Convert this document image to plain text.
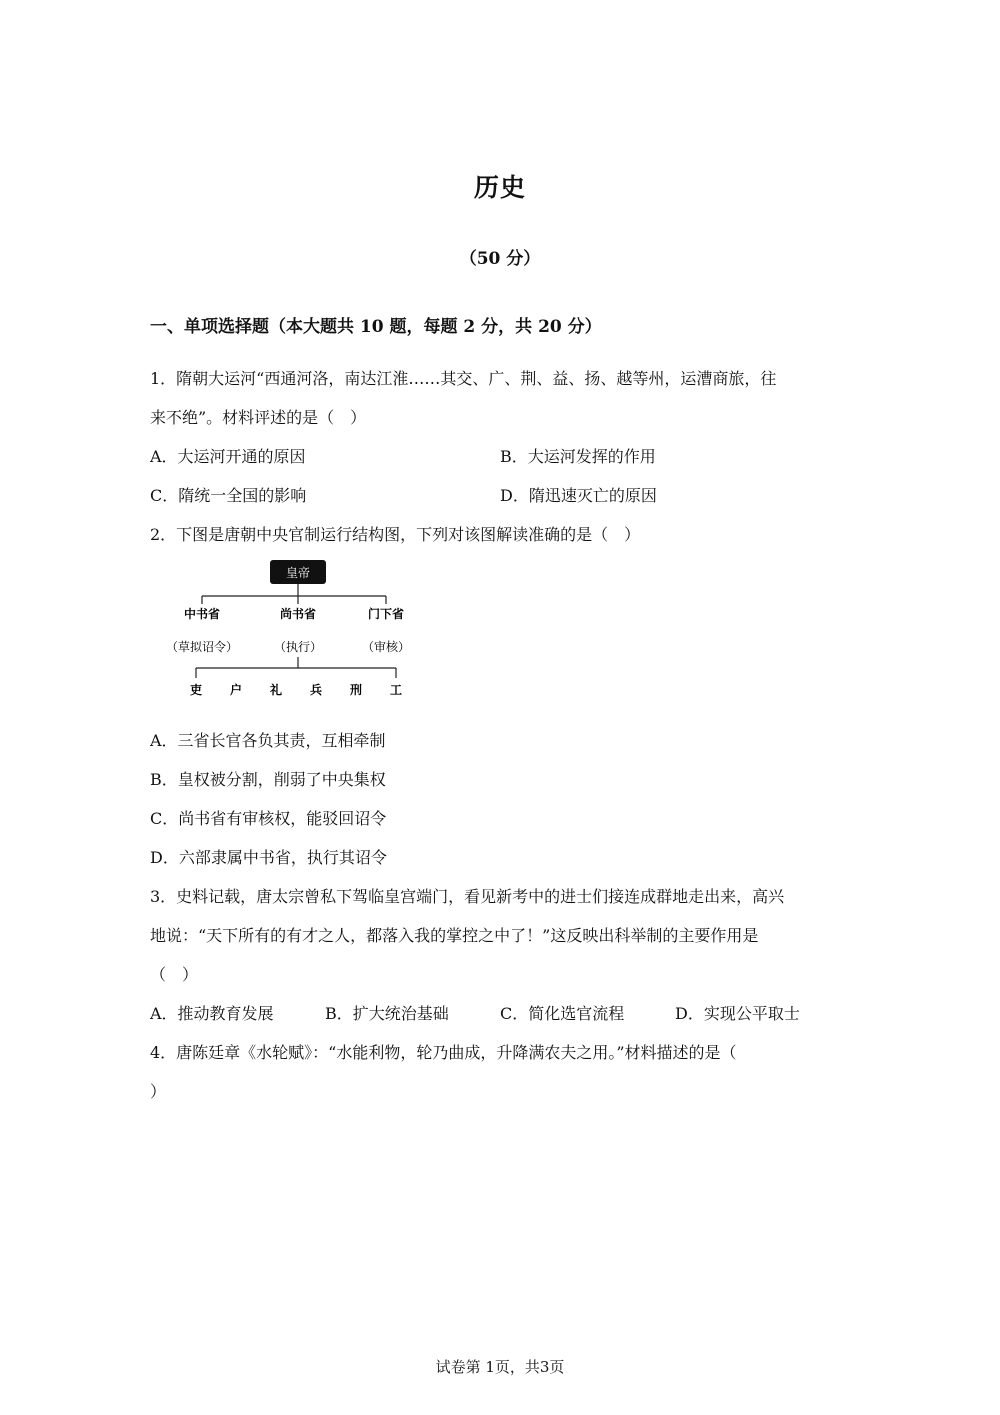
历史
（50 分）
一、单项选择题（本大题共 10 题，每题 2 分，共 20 分）
1．隋朝大运河“西通河洛，南达江淮……其交、广、荆、益、扬、越等州，运漕商旅，往
来不绝”。材料评述的是（　）
A．大运河开通的原因	B．大运河发挥的作用
C．隋统一全国的影响	D．隋迅速灭亡的原因
2．下图是唐朝中央官制运行结构图，下列对该图解读准确的是（　）
皇帝
中书省	尚书省	门下省
（草拟诏令）	（执行）	（审核）
吏 户 礼 兵 刑 工
A．三省长官各负其责，互相牵制
B．皇权被分割，削弱了中央集权
C．尚书省有审核权，能驳回诏令
D．六部隶属中书省，执行其诏令
3．史料记载，唐太宗曾私下驾临皇宫端门，看见新考中的进士们接连成群地走出来，高兴
地说：“天下所有的有才之人，都落入我的掌控之中了！”这反映出科举制的主要作用是
（　）
A．推动教育发展	B．扩大统治基础	C．简化选官流程	D．实现公平取士
4．唐陈廷章《水轮赋》：“水能利物，轮乃曲成，升降满农夫之用。”材料描述的是（
）
试卷第 1页，共3页
